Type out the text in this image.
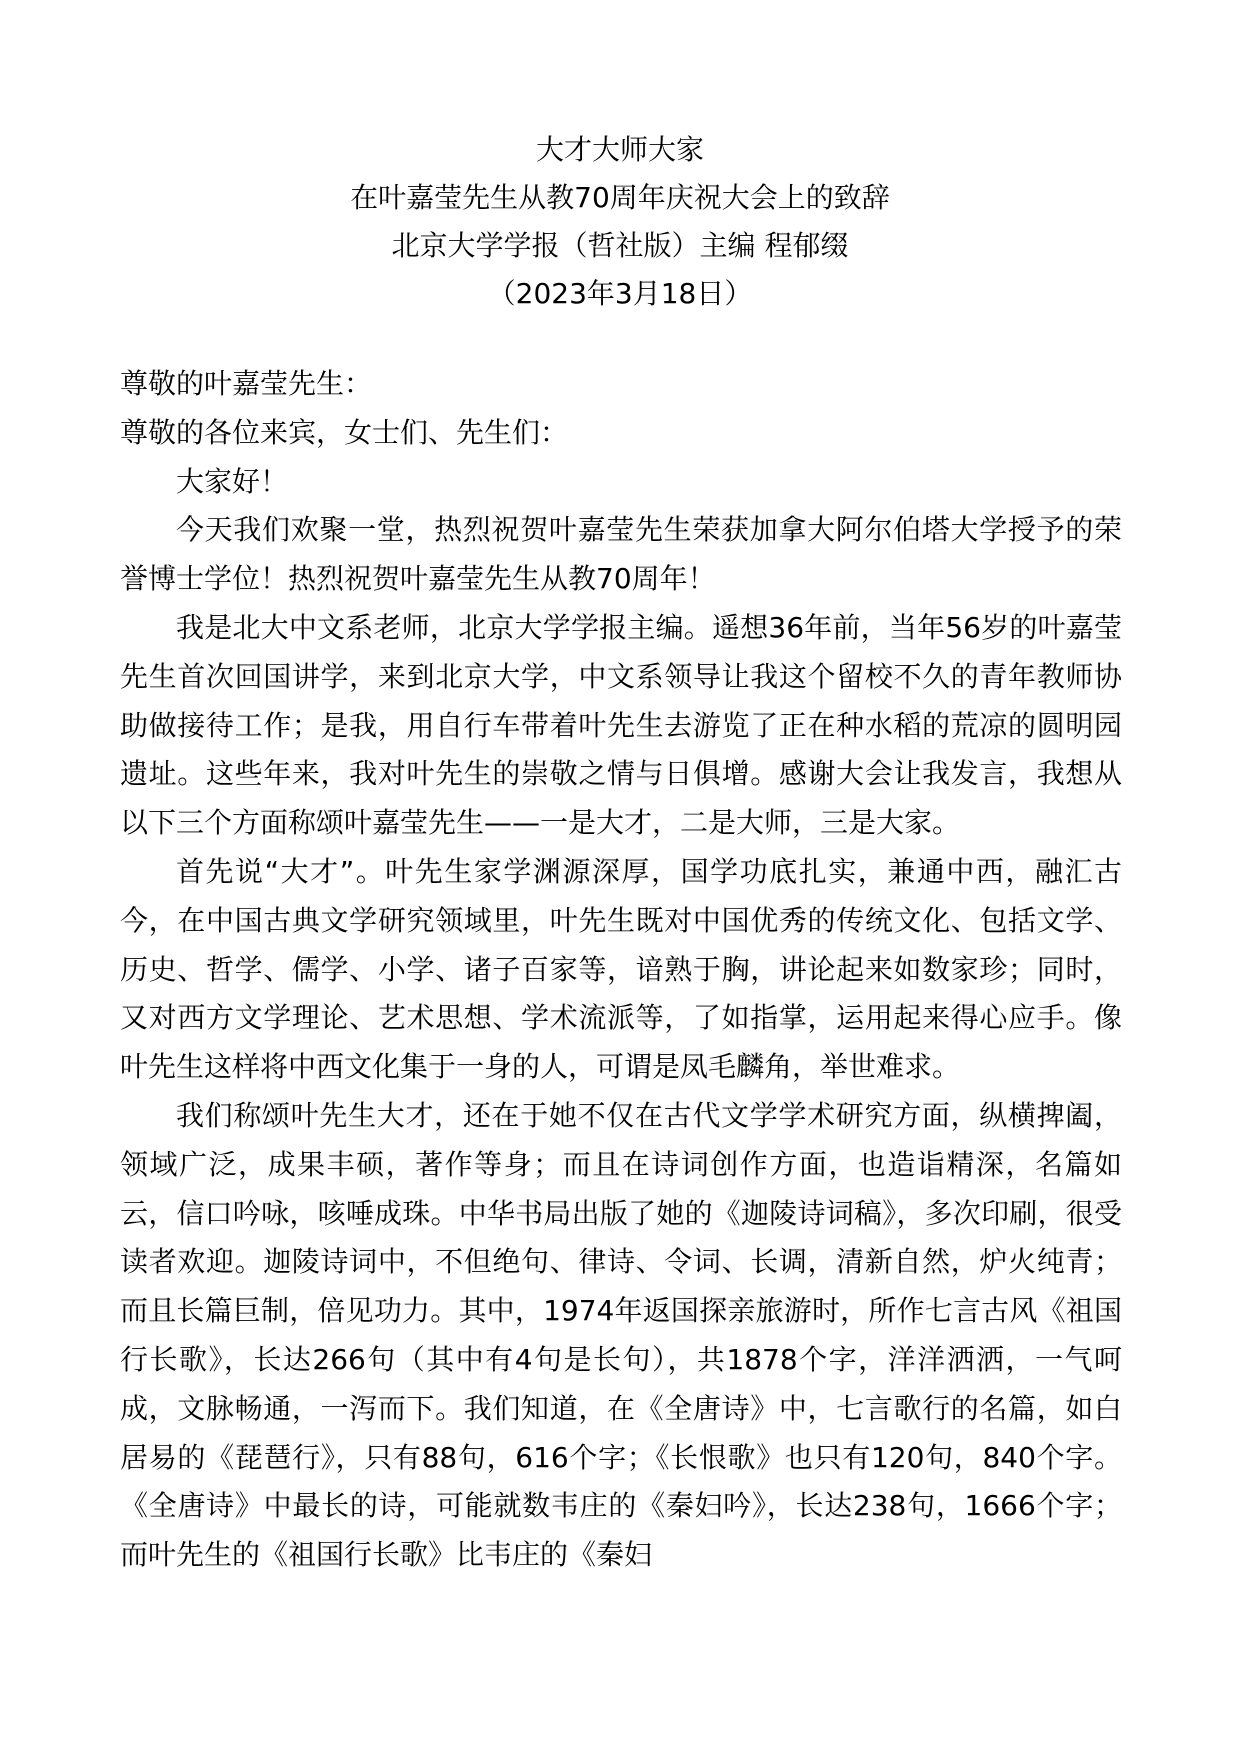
大才大师大家
在叶嘉莹先生从教70周年庆祝大会上的致辞
北京大学学报（哲社版）主编 程郁缀
（2023年3月18日）

尊敬的叶嘉莹先生：

尊敬的各位来宾，女士们、先生们：

大家好！

今天我们欢聚一堂，热烈祝贺叶嘉莹先生荣获加拿大阿尔伯塔大学授予的荣誉博士学位！热烈祝贺叶嘉莹先生从教70周年！

我是北大中文系老师，北京大学学报主编。遥想36年前，当年56岁的叶嘉莹先生首次回国讲学，来到北京大学，中文系领导让我这个留校不久的青年教师协助做接待工作；是我，用自行车带着叶先生去游览了正在种水稻的荒凉的圆明园遗址。这些年来，我对叶先生的崇敬之情与日俱增。感谢大会让我发言，我想从以下三个方面称颂叶嘉莹先生——一是大才，二是大师，三是大家。

首先说“大才”。叶先生家学渊源深厚，国学功底扎实，兼通中西，融汇古今，在中国古典文学研究领域里，叶先生既对中国优秀的传统文化、包括文学、历史、哲学、儒学、小学、诸子百家等，谙熟于胸，讲论起来如数家珍；同时，又对西方文学理论、艺术思想、学术流派等，了如指掌，运用起来得心应手。像叶先生这样将中西文化集于一身的人，可谓是凤毛麟角，举世难求。

我们称颂叶先生大才，还在于她不仅在古代文学学术研究方面，纵横捭阖，领域广泛，成果丰硕，著作等身；而且在诗词创作方面，也造诣精深，名篇如云，信口吟咏，咳唾成珠。中华书局出版了她的《迦陵诗词稿》，多次印刷，很受读者欢迎。迦陵诗词中，不但绝句、律诗、令词、长调，清新自然，炉火纯青；而且长篇巨制，倍见功力。其中，1974年返国探亲旅游时，所作七言古风《祖国行长歌》，长达266句（其中有4句是长句），共1878个字，洋洋洒洒，一气呵成，文脉畅通，一泻而下。我们知道，在《全唐诗》中，七言歌行的名篇，如白居易的《琵琶行》，只有88句，616个字；《长恨歌》也只有120句，840个字。《全唐诗》中最长的诗，可能就数韦庄的《秦妇吟》，长达238句，1666个字；而叶先生的《祖国行长歌》比韦庄的《秦妇
